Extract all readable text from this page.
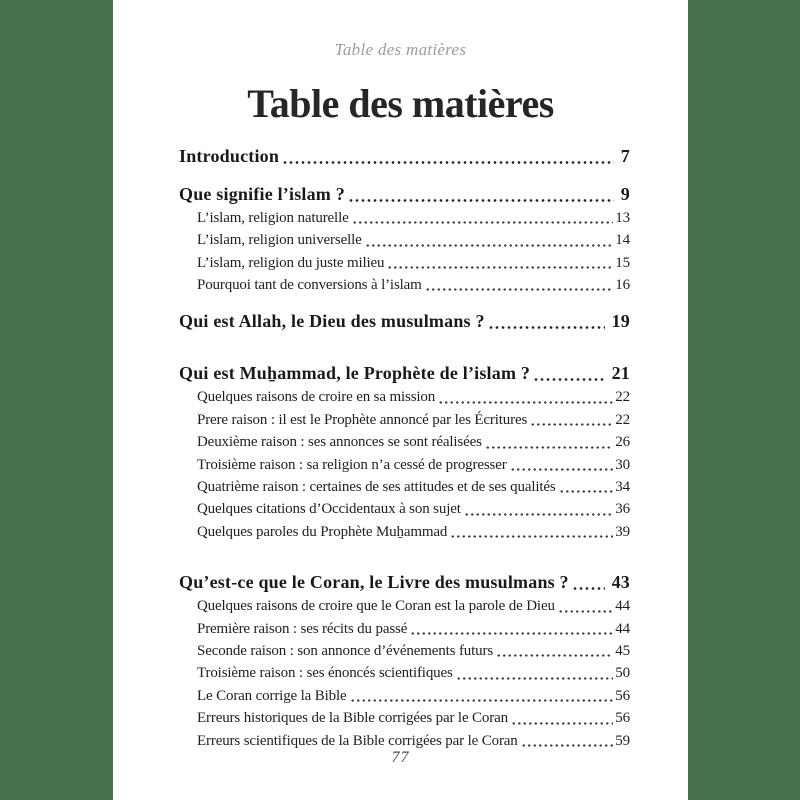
Table des matières
Table des matières
Introduction	7
Que signifie l’islam ?	9
L’islam, religion naturelle	13
L’islam, religion universelle	14
L’islam, religion du juste milieu	15
Pourquoi tant de conversions à l’islam	16
Qui est Allah, le Dieu des musulmans ?	19
Qui est Muẖammad, le Prophète de l’islam ?	21
Quelques raisons de croire en sa mission	22
Prere raison : il est le Prophète annoncé par les Écritures	22
Deuxième raison : ses annonces se sont réalisées	26
Troisième raison : sa religion n’a cessé de progresser	30
Quatrième raison : certaines de ses attitudes et de ses qualités	34
Quelques citations d’Occidentaux à son sujet	36
Quelques paroles du Prophète Muẖammad	39
Qu’est-ce que le Coran, le Livre des musulmans ? 43
Quelques raisons de croire que le Coran est la parole de Dieu	44
Première raison : ses récits du passé	44
Seconde raison : son annonce d’événements futurs	45
Troisième raison : ses énoncés scientifiques	50
Le Coran corrige la Bible	56
Erreurs historiques de la Bible corrigées par le Coran	56
Erreurs scientifiques de la Bible corrigées par le Coran	59
77
